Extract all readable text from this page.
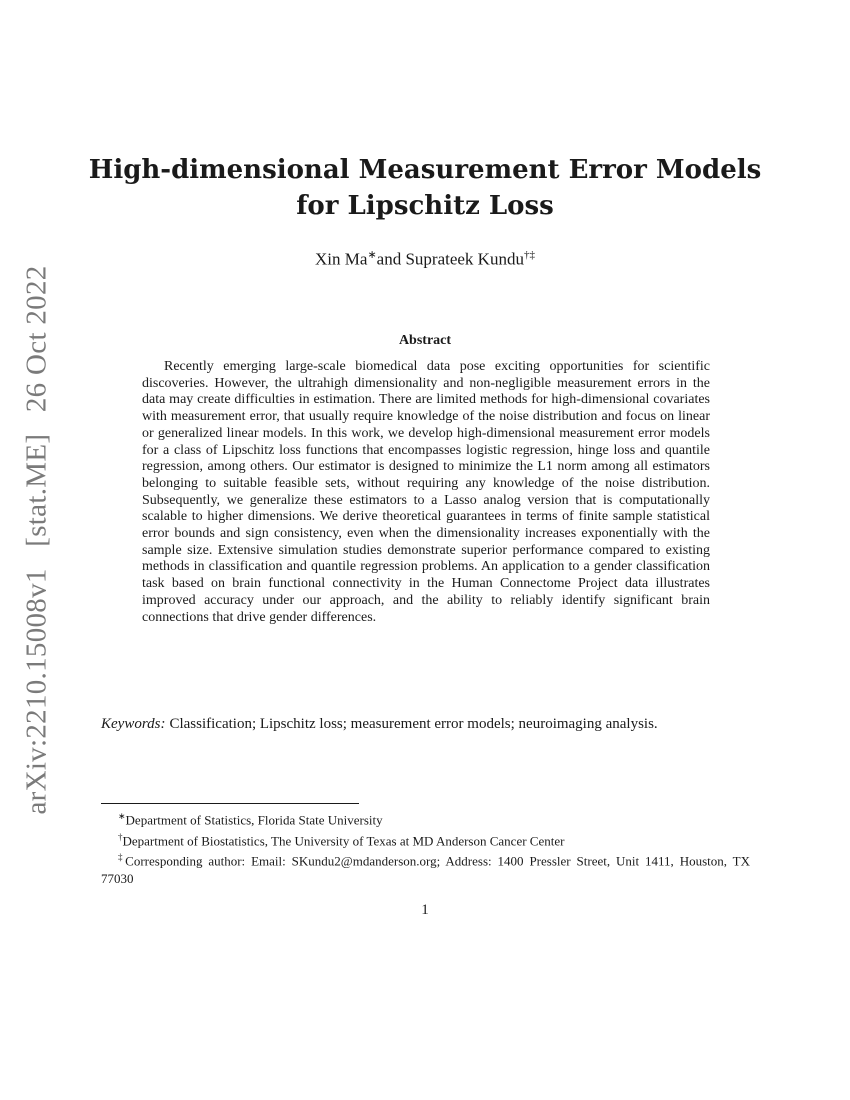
arXiv:2210.15008v1 [stat.ME] 26 Oct 2022
High-dimensional Measurement Error Models
for Lipschitz Loss
Xin Ma∗and Suprateek Kundu†‡
Abstract

Recently emerging large-scale biomedical data pose exciting opportunities for scientific discoveries. However, the ultrahigh dimensionality and non-negligible measurement errors in the data may create difficulties in estimation. There are limited methods for high-dimensional covariates with measurement error, that usually require knowledge of the noise distribution and focus on linear or generalized linear models. In this work, we develop high-dimensional measurement error models for a class of Lipschitz loss functions that encompasses logistic regression, hinge loss and quantile regression, among others. Our estimator is designed to minimize the L1 norm among all estimators belonging to suitable feasible sets, without requiring any knowledge of the noise distribution. Subsequently, we generalize these estimators to a Lasso analog version that is computationally scalable to higher dimensions. We derive theoretical guarantees in terms of finite sample statistical error bounds and sign consistency, even when the dimensionality increases exponentially with the sample size. Extensive simulation studies demonstrate superior performance compared to existing methods in classification and quantile regression problems. An application to a gender classification task based on brain functional connectivity in the Human Connectome Project data illustrates improved accuracy under our approach, and the ability to reliably identify significant brain connections that drive gender differences.

Keywords: Classification; Lipschitz loss; measurement error models; neuroimaging analysis.
∗Department of Statistics, Florida State University
†Department of Biostatistics, The University of Texas at MD Anderson Cancer Center
‡Corresponding author: Email: SKundu2@mdanderson.org; Address: 1400 Pressler Street, Unit 1411, Houston, TX 77030
1
